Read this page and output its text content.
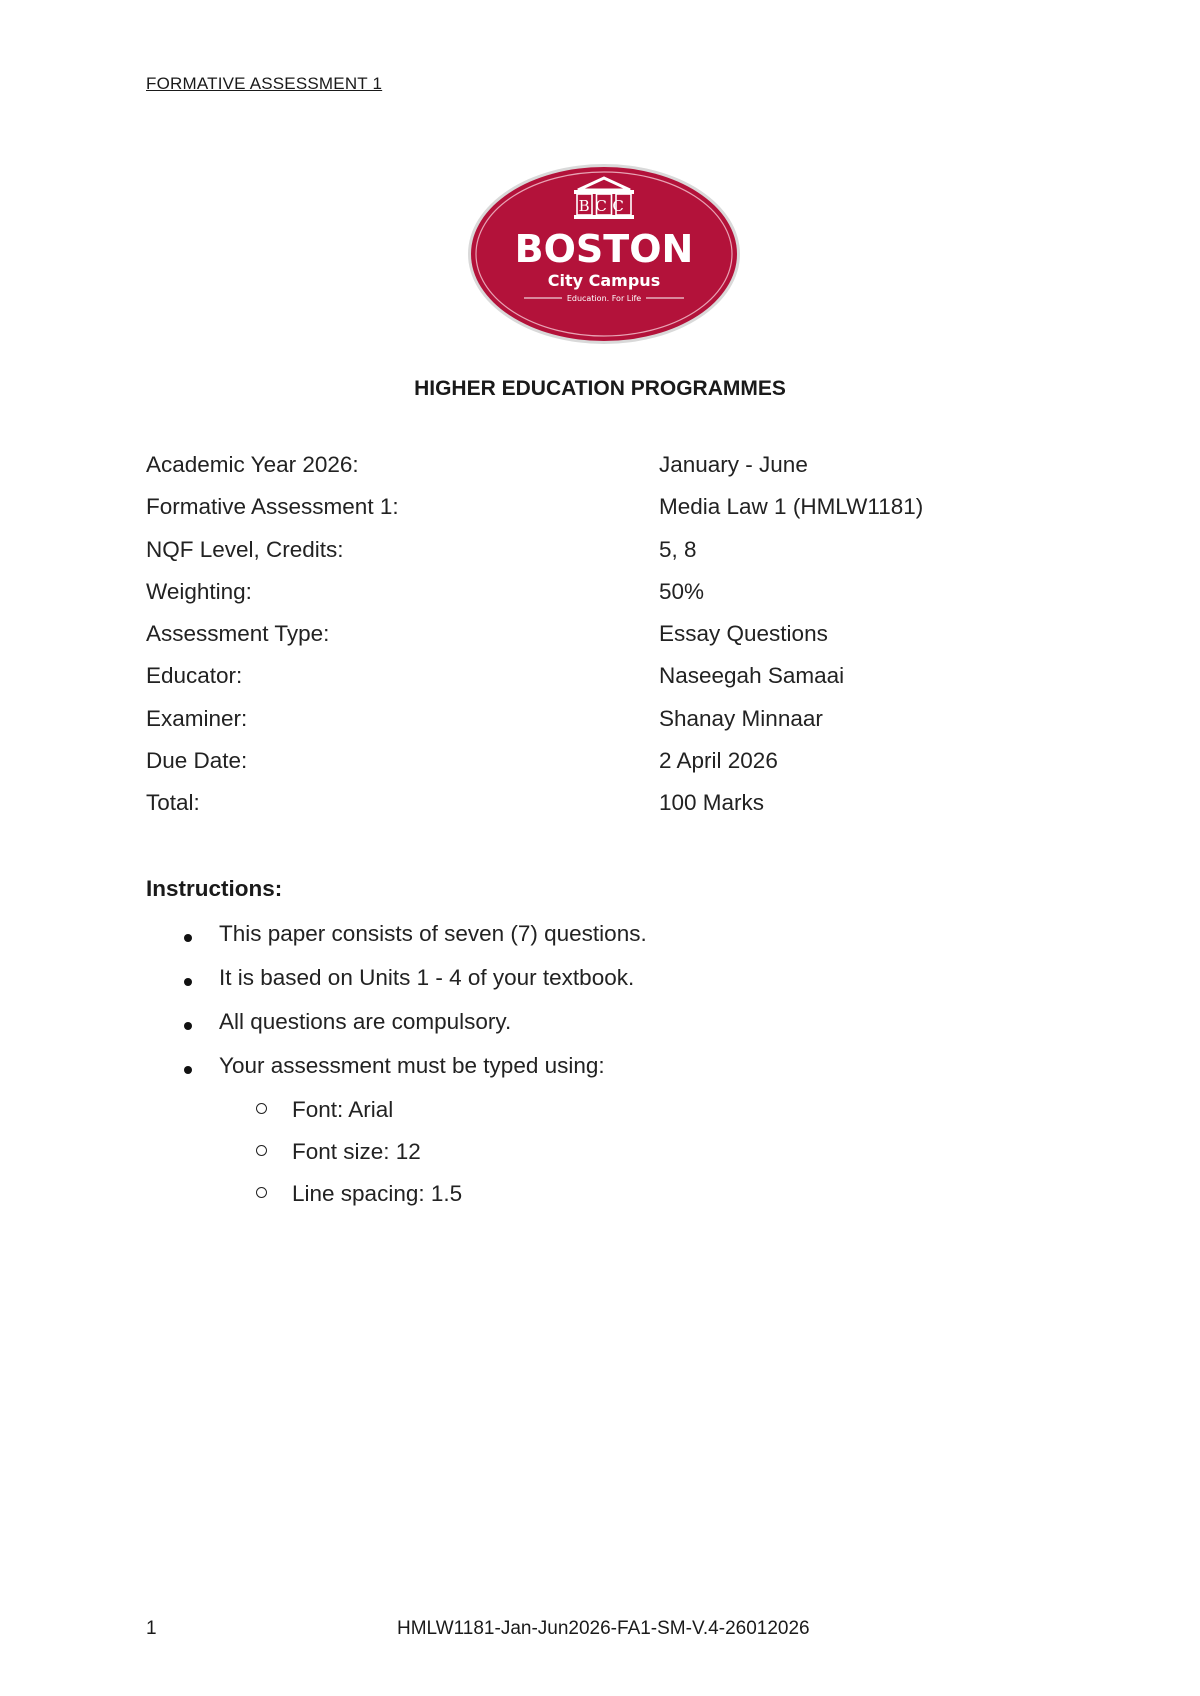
FORMATIVE ASSESSMENT 1
BCC
BOSTON
City Campus
Education. For Life
HIGHER EDUCATION PROGRAMMES
Academic Year 2026:	January - June
Formative Assessment 1:	Media Law 1 (HMLW1181)
NQF Level, Credits:	5, 8
Weighting:	50%
Assessment Type:	Essay Questions
Educator:	Naseegah Samaai
Examiner:	Shanay Minnaar
Due Date:	2 April 2026
Total:	100 Marks
Instructions:
This paper consists of seven (7) questions.
It is based on Units 1 - 4 of your textbook.
All questions are compulsory.
Your assessment must be typed using:
Font: Arial
Font size: 12
Line spacing: 1.5
1	HMLW1181-Jan-Jun2026-FA1-SM-V.4-26012026
